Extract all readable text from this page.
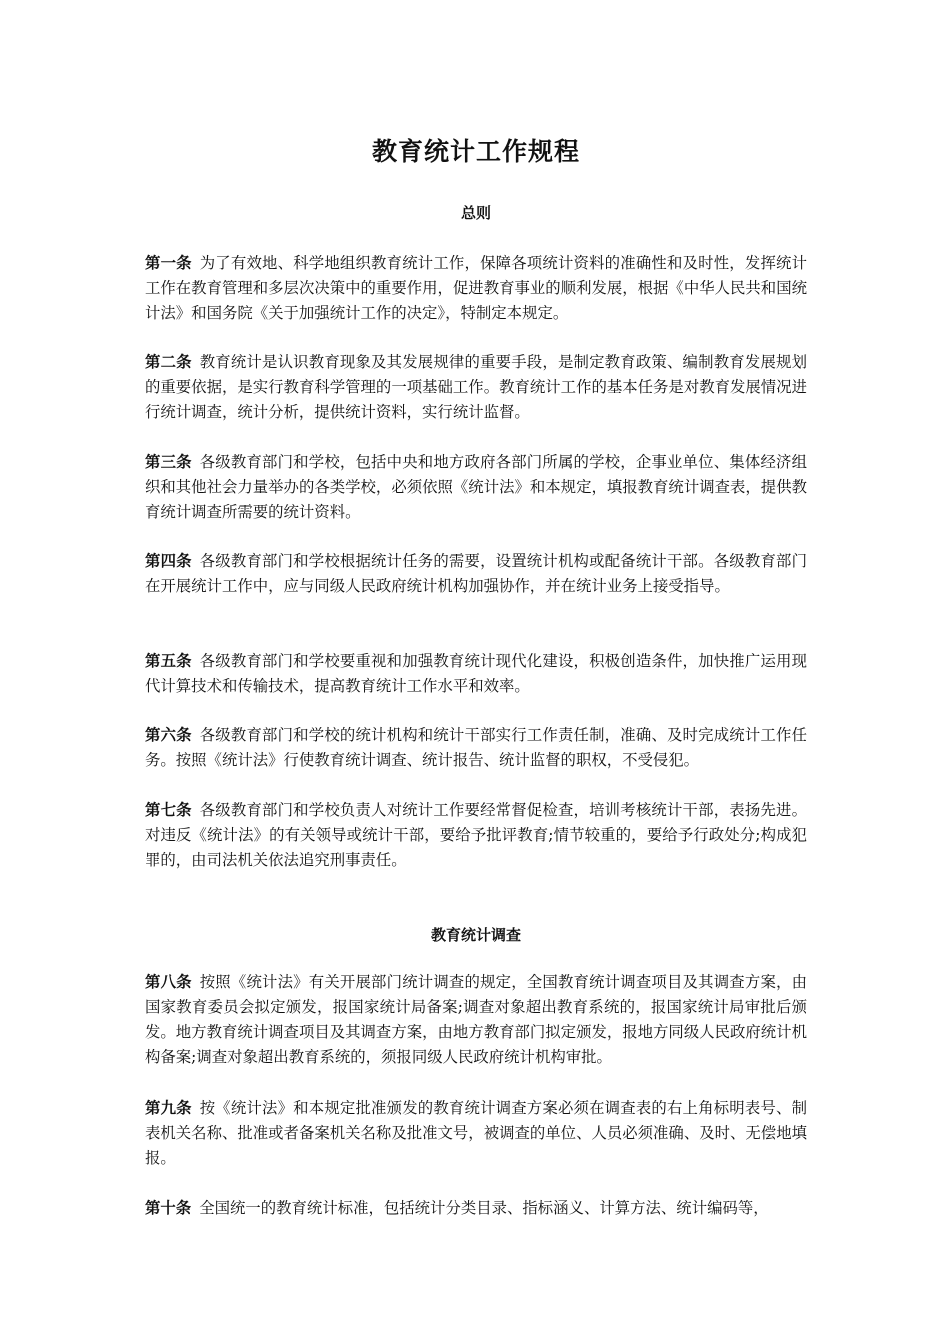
教育统计工作规程
总则

第一条 为了有效地、科学地组织教育统计工作，保障各项统计资料的准确性和及时性，发挥统计工作在教育管理和多层次决策中的重要作用，促进教育事业的顺利发展，根据《中华人民共和国统计法》和国务院《关于加强统计工作的决定》，特制定本规定。

第二条 教育统计是认识教育现象及其发展规律的重要手段，是制定教育政策、编制教育发展规划的重要依据，是实行教育科学管理的一项基础工作。教育统计工作的基本任务是对教育发展情况进行统计调查，统计分析，提供统计资料，实行统计监督。

第三条 各级教育部门和学校，包括中央和地方政府各部门所属的学校，企事业单位、集体经济组织和其他社会力量举办的各类学校，必须依照《统计法》和本规定，填报教育统计调查表，提供教育统计调查所需要的统计资料。

第四条 各级教育部门和学校根据统计任务的需要，设置统计机构或配备统计干部。各级教育部门在开展统计工作中，应与同级人民政府统计机构加强协作，并在统计业务上接受指导。

第五条 各级教育部门和学校要重视和加强教育统计现代化建设，积极创造条件，加快推广运用现代计算技术和传输技术，提高教育统计工作水平和效率。

第六条 各级教育部门和学校的统计机构和统计干部实行工作责任制，准确、及时完成统计工作任务。按照《统计法》行使教育统计调查、统计报告、统计监督的职权，不受侵犯。

第七条 各级教育部门和学校负责人对统计工作要经常督促检查，培训考核统计干部，表扬先进。对违反《统计法》的有关领导或统计干部，要给予批评教育;情节较重的，要给予行政处分;构成犯罪的，由司法机关依法追究刑事责任。

教育统计调查

第八条 按照《统计法》有关开展部门统计调查的规定，全国教育统计调查项目及其调查方案，由国家教育委员会拟定颁发，报国家统计局备案;调查对象超出教育系统的，报国家统计局审批后颁发。地方教育统计调查项目及其调查方案，由地方教育部门拟定颁发，报地方同级人民政府统计机构备案;调查对象超出教育系统的，须报同级人民政府统计机构审批。

第九条 按《统计法》和本规定批准颁发的教育统计调查方案必须在调查表的右上角标明表号、制表机关名称、批准或者备案机关名称及批准文号，被调查的单位、人员必须准确、及时、无偿地填报。

第十条 全国统一的教育统计标准，包括统计分类目录、指标涵义、计算方法、统计编码等，
